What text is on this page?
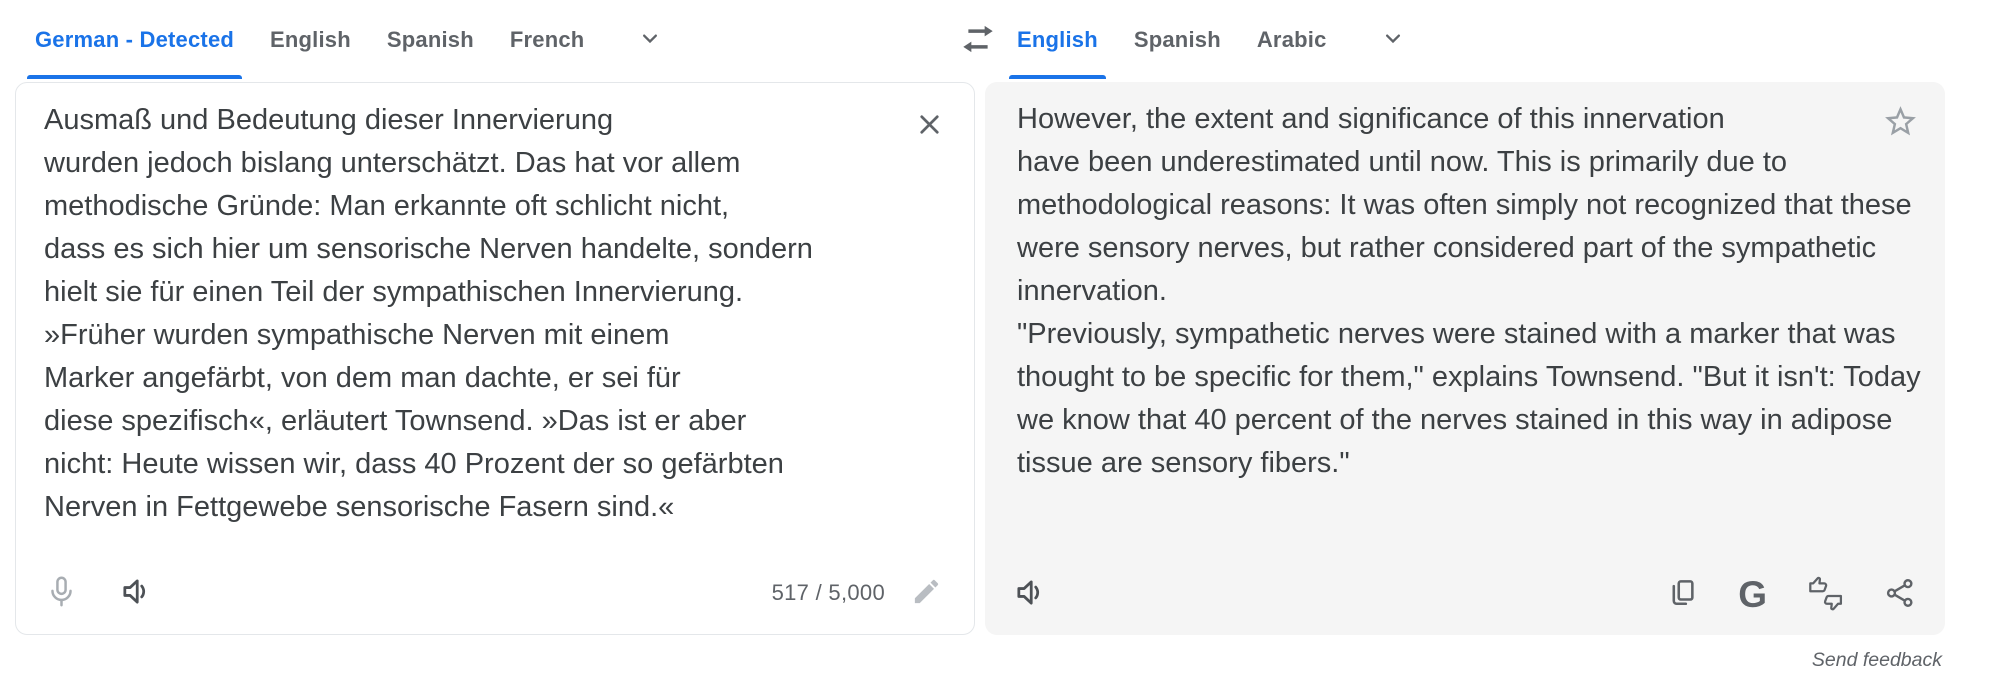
German - Detected English Spanish French	English Spanish Arabic
Ausmaß und Bedeutung dieser Innervierung
wurden jedoch bislang unterschätzt. Das hat vor allem
methodische Gründe: Man erkannte oft schlicht nicht,
dass es sich hier um sensorische Nerven handelte, sondern
hielt sie für einen Teil der sympathischen Innervierung.
»Früher wurden sympathische Nerven mit einem
Marker angefärbt, von dem man dachte, er sei für
diese spezifisch«, erläutert Townsend. »Das ist er aber
nicht: Heute wissen wir, dass 40 Prozent der so gefärbten
Nerven in Fettgewebe sensorische Fasern sind.«
517 / 5,000
However, the extent and significance of this innervation
have been underestimated until now. This is primarily due to
methodological reasons: It was often simply not recognized that these
were sensory nerves, but rather considered part of the sympathetic
innervation.
"Previously, sympathetic nerves were stained with a marker that was
thought to be specific for them," explains Townsend. "But it isn't: Today
we know that 40 percent of the nerves stained in this way in adipose
tissue are sensory fibers."
G
Send feedback
